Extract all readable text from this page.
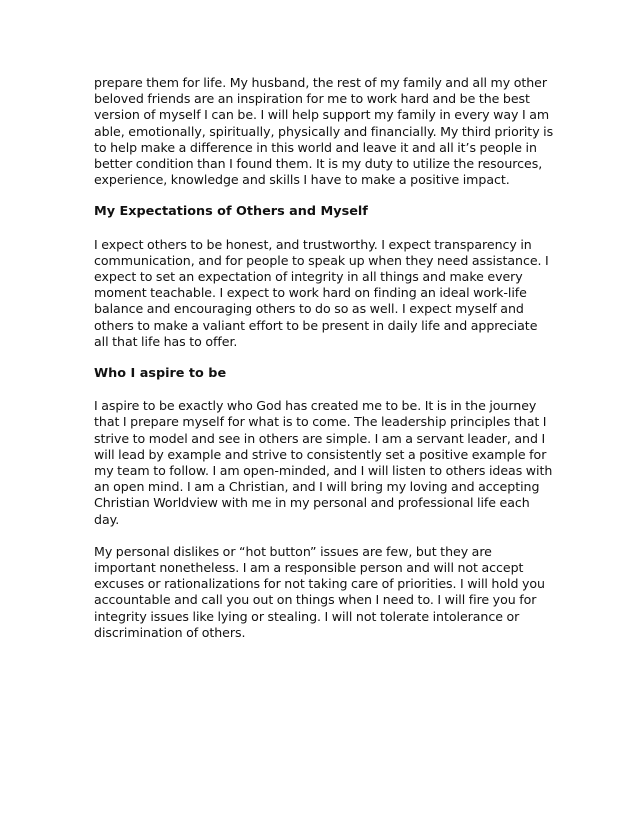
prepare them for life. My husband, the rest of my family and all my other beloved friends are an inspiration for me to work hard and be the best version of myself I can be. I will help support my family in every way I am able, emotionally, spiritually, physically and financially. My third priority is to help make a difference in this world and leave it and all it’s people in better condition than I found them. It is my duty to utilize the resources, experience, knowledge and skills I have to make a positive impact.

My Expectations of Others and Myself

I expect others to be honest, and trustworthy. I expect transparency in communication, and for people to speak up when they need assistance. I expect to set an expectation of integrity in all things and make every moment teachable. I expect to work hard on finding an ideal work-life balance and encouraging others to do so as well. I expect myself and others to make a valiant effort to be present in daily life and appreciate all that life has to offer.

Who I aspire to be

I aspire to be exactly who God has created me to be. It is in the journey that I prepare myself for what is to come. The leadership principles that I strive to model and see in others are simple. I am a servant leader, and I will lead by example and strive to consistently set a positive example for my team to follow. I am open-minded, and I will listen to others ideas with an open mind. I am a Christian, and I will bring my loving and accepting Christian Worldview with me in my personal and professional life each day.

My personal dislikes or “hot button” issues are few, but they are important nonetheless. I am a responsible person and will not accept excuses or rationalizations for not taking care of priorities. I will hold you accountable and call you out on things when I need to. I will fire you for integrity issues like lying or stealing. I will not tolerate intolerance or discrimination of others.
